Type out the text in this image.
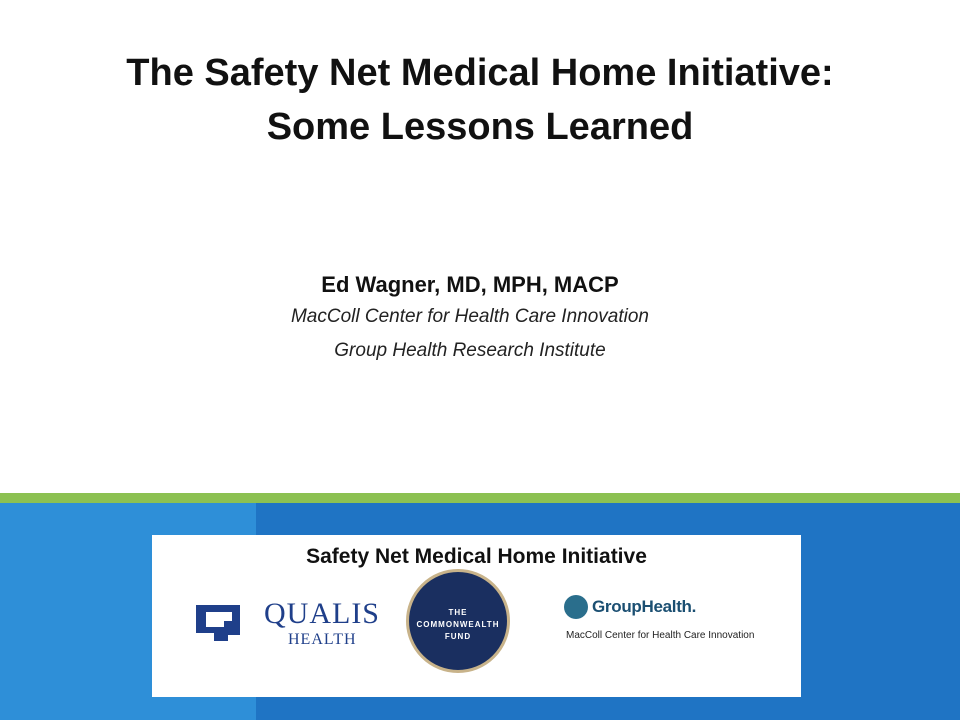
The Safety Net Medical Home Initiative:
Some Lessons Learned
Ed Wagner, MD, MPH, MACP
MacColl Center for Health Care Innovation
Group Health Research Institute
Safety Net Medical Home Initiative
QUALIS
HEALTH
THE
COMMONWEALTH
FUND
GroupHealth.
MacColl Center for Health Care Innovation
